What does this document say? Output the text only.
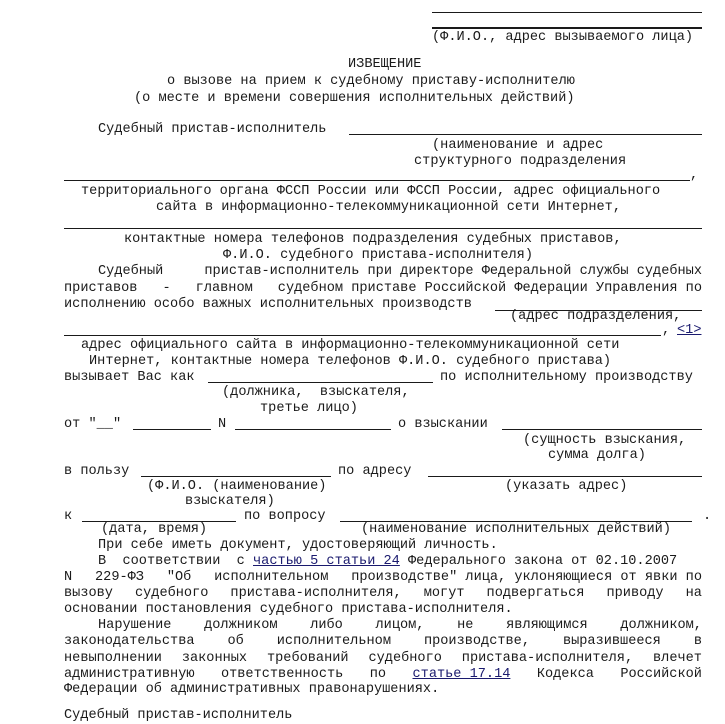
(Ф.И.О., адрес вызываемого лица)
ИЗВЕЩЕНИЕ
о вызове на прием к судебному приставу-исполнителю
(о месте и времени совершения исполнительных действий)
Судебный пристав-исполнитель
(наименование и адрес
структурного подразделения
,
территориального органа ФССП России или ФССП России, адрес официального
сайта в информационно-телекоммуникационной сети Интернет,
контактные номера телефонов подразделения судебных приставов,
Ф.И.О. судебного пристава-исполнителя)
Судебный	пристав-исполнитель при директоре Федеральной службы судебных
приставов - главном судебном приставе Российской Федерации Управления по
исполнению особо важных исполнительных производств
(адрес подразделения,
, <1>
адрес официального сайта в информационно-телекоммуникационной сети
Интернет, контактные номера телефонов Ф.И.О. судебного пристава)
вызывает Вас как	по исполнительному производству
(должника,  взыскателя,
третье лицо)
от "__"	N	о взыскании
(сущность взыскания,
сумма долга)
в пользу	по адресу
(Ф.И.О. (наименование)	(указать адрес)
взыскателя)
к	по вопросу	.
(дата, время)	(наименование исполнительных действий)
При себе иметь документ, удостоверяющий личность.
В  соответствии  с частью 5 статьи 24 Федерального закона от 02.10.2007
N 229-ФЗ "Об исполнительном производстве" лица, уклоняющиеся от явки по
вызову судебного пристава-исполнителя, могут подвергаться приводу на
основании постановления судебного пристава-исполнителя.
Нарушение должником либо лицом, не являющимся должником,
законодательства об исполнительном производстве, выразившееся в
невыполнении законных требований судебного пристава-исполнителя, влечет
административную ответственность по статье 17.14 Кодекса Российской
Федерации об административных правонарушениях.
Судебный пристав-исполнитель
